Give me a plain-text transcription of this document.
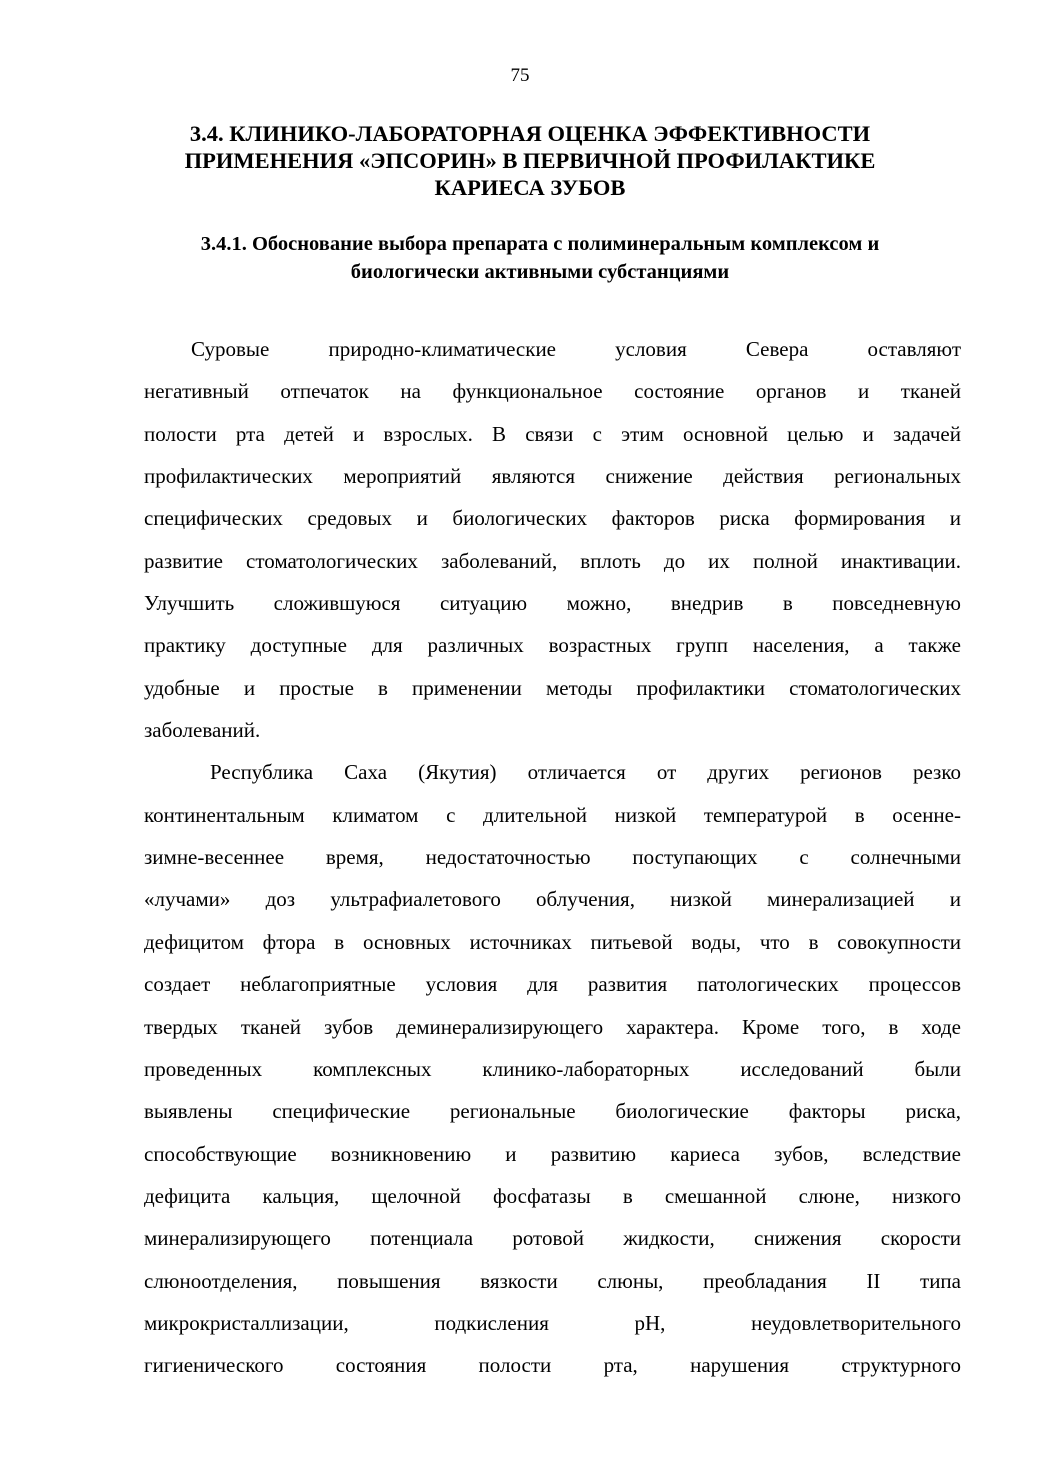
75
3.4. КЛИНИКО-ЛАБОРАТОРНАЯ ОЦЕНКА ЭФФЕКТИВНОСТИ
ПРИМЕНЕНИЯ «ЭПСОРИН» В ПЕРВИЧНОЙ ПРОФИЛАКТИКЕ
КАРИЕСА ЗУБОВ
3.4.1. Обоснование выбора препарата с полиминеральным комплексом и
биологически активными субстанциями
Суровые природно-климатические условия Севера оставляют
негативный отпечаток на функциональное состояние органов и тканей
полости рта детей и взрослых. В связи с этим основной целью и задачей
профилактических мероприятий являются снижение действия региональных
специфических средовых и биологических факторов риска формирования и
развитие стоматологических заболеваний, вплоть до их полной инактивации.
Улучшить сложившуюся ситуацию можно, внедрив в повседневную
практику доступные для различных возрастных групп населения, а также
удобные и простые в применении методы профилактики стоматологических
заболеваний.
Республика Саха (Якутия) отличается от других регионов резко
континентальным климатом с длительной низкой температурой в осенне-
зимне-весеннее время, недостаточностью поступающих с солнечными
«лучами» доз ультрафиалетового облучения, низкой минерализацией и
дефицитом фтора в основных источниках питьевой воды, что в совокупности
создает неблагоприятные условия для развития патологических процессов
твердых тканей зубов деминерализирующего характера. Кроме того, в ходе
проведенных комплексных клинико-лабораторных исследований были
выявлены специфические региональные биологические факторы риска,
способствующие возникновению и развитию кариеса зубов, вследствие
дефицита кальция, щелочной фосфатазы в смешанной слюне, низкого
минерализирующего потенциала ротовой жидкости, снижения скорости
слюноотделения, повышения вязкости слюны, преобладания II типа
микрокристаллизации, подкисления pH, неудовлетворительного
гигиенического состояния полости рта, нарушения структурного
